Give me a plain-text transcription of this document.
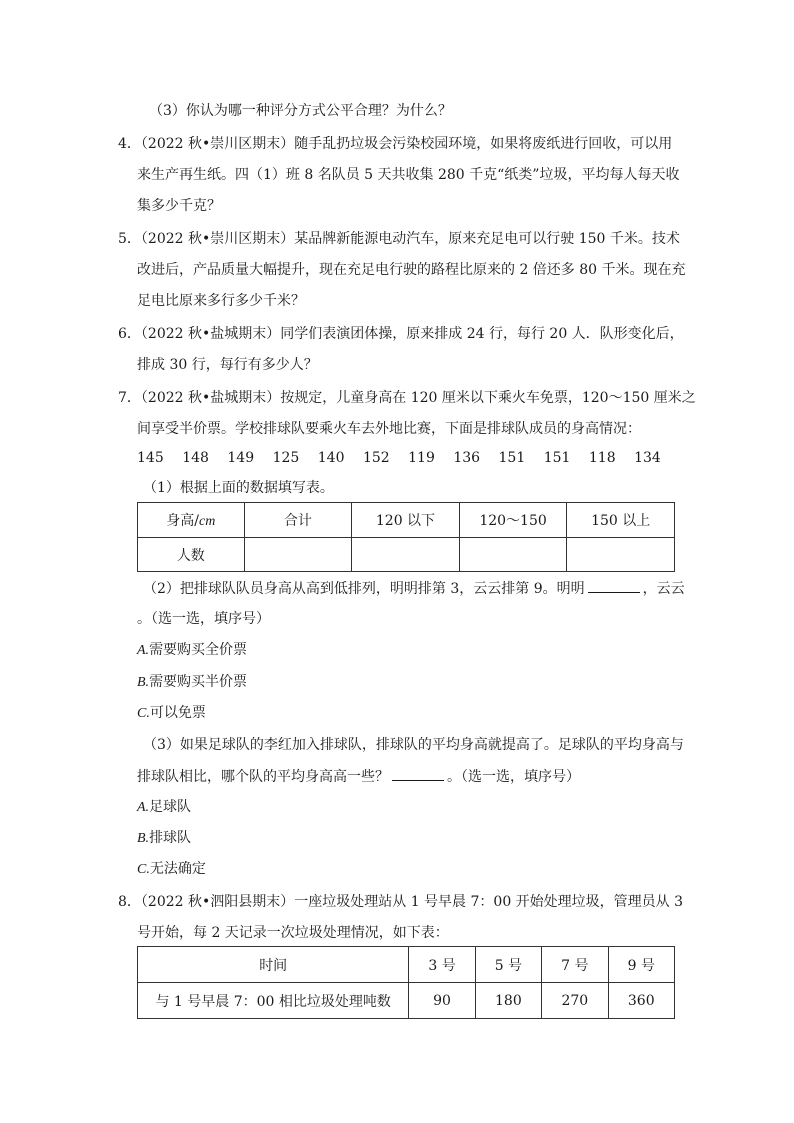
（3）你认为哪一种评分方式公平合理？为什么？
4．（2022 秋•崇川区期末）随手乱扔垃圾会污染校园环境，如果将废纸进行回收，可以用
来生产再生纸。四（1）班 8 名队员 5 天共收集 280 千克“纸类”垃圾，平均每人每天收
集多少千克？
5．（2022 秋•崇川区期末）某品牌新能源电动汽车，原来充足电可以行驶 150 千米。技术
改进后，产品质量大幅提升，现在充足电行驶的路程比原来的 2 倍还多 80 千米。现在充
足电比原来多行多少千米？
6．（2022 秋•盐城期末）同学们表演团体操，原来排成 24 行，每行 20 人．队形变化后，
排成 30 行，每行有多少人？
7．（2022 秋•盐城期末）按规定，儿童身高在 120 厘米以下乘火车免票，120～150 厘米之
间享受半价票。学校排球队要乘火车去外地比赛，下面是排球队成员的身高情况：
145 148 149 125 140 152 119 136 151 151 118 134
（1）根据上面的数据填写表。
身高/cm	合计	120 以下	120～150	150 以上
人数				
（2）把排球队队员身高从高到低排列，明明排第 3，云云排第 9。明明	，云云
。（选一选，填序号）
A.需要购买全价票
B.需要购买半价票
C.可以免票
（3）如果足球队的李红加入排球队，排球队的平均身高就提高了。足球队的平均身高与
排球队相比，哪个队的平均身高高一些？	。（选一选，填序号）
A.足球队
B.排球队
C.无法确定
8．（2022 秋•泗阳县期末）一座垃圾处理站从 1 号早晨 7：00 开始处理垃圾，管理员从 3
号开始，每 2 天记录一次垃圾处理情况，如下表：
时间	3 号	5 号	7 号	9 号
与 1 号早晨 7：00 相比垃圾处理吨数	90	180	270	360
